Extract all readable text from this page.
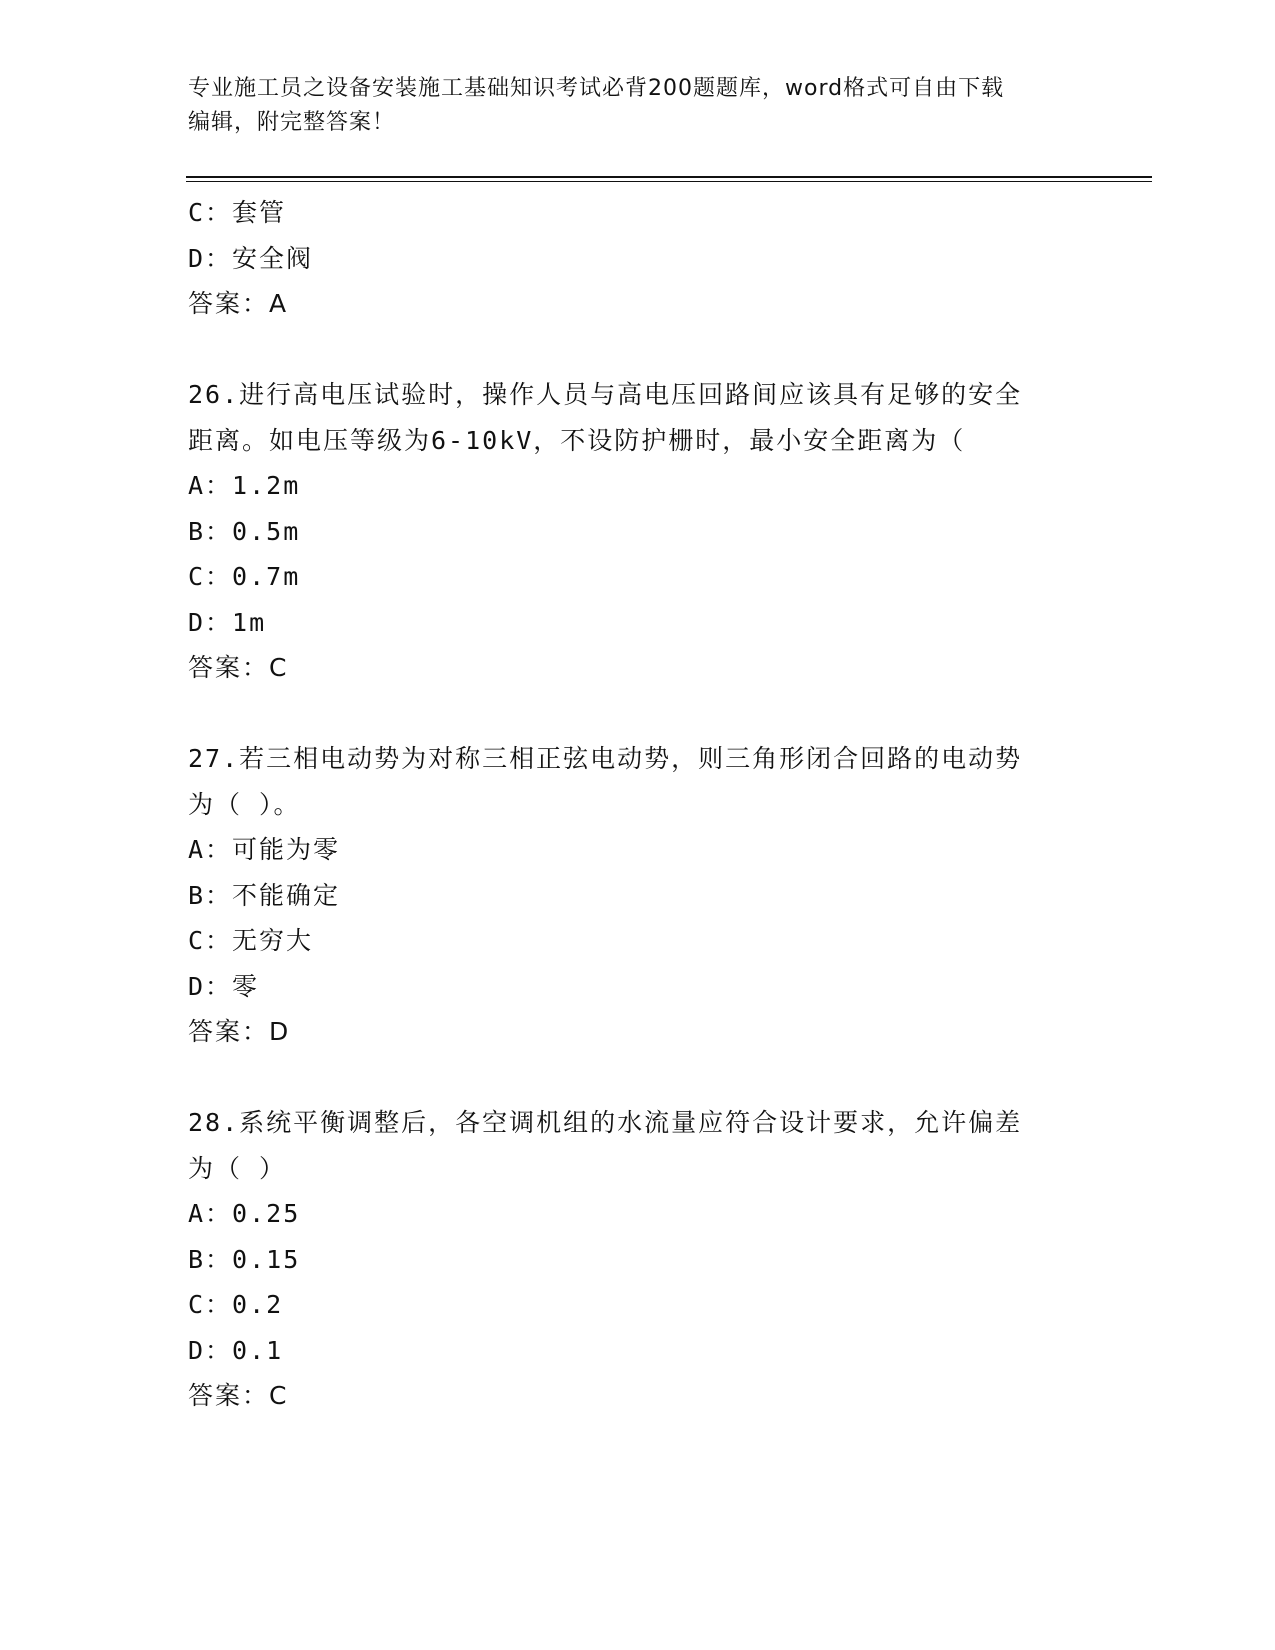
专业施工员之设备安装施工基础知识考试必背200题题库，word格式可自由下载
编辑，附完整答案！
C：套管
D：安全阀
答案：A
26.进行高电压试验时，操作人员与高电压回路间应该具有足够的安全
距离。如电压等级为6-10kV，不设防护栅时，最小安全距离为（
A：1.2m
B：0.5m
C：0.7m
D：1m
答案：C
27.若三相电动势为对称三相正弦电动势，则三角形闭合回路的电动势
为（ ）。
A：可能为零
B：不能确定
C：无穷大
D：零
答案：D
28.系统平衡调整后，各空调机组的水流量应符合设计要求，允许偏差
为（ ）
A：0.25
B：0.15
C：0.2
D：0.1
答案：C
